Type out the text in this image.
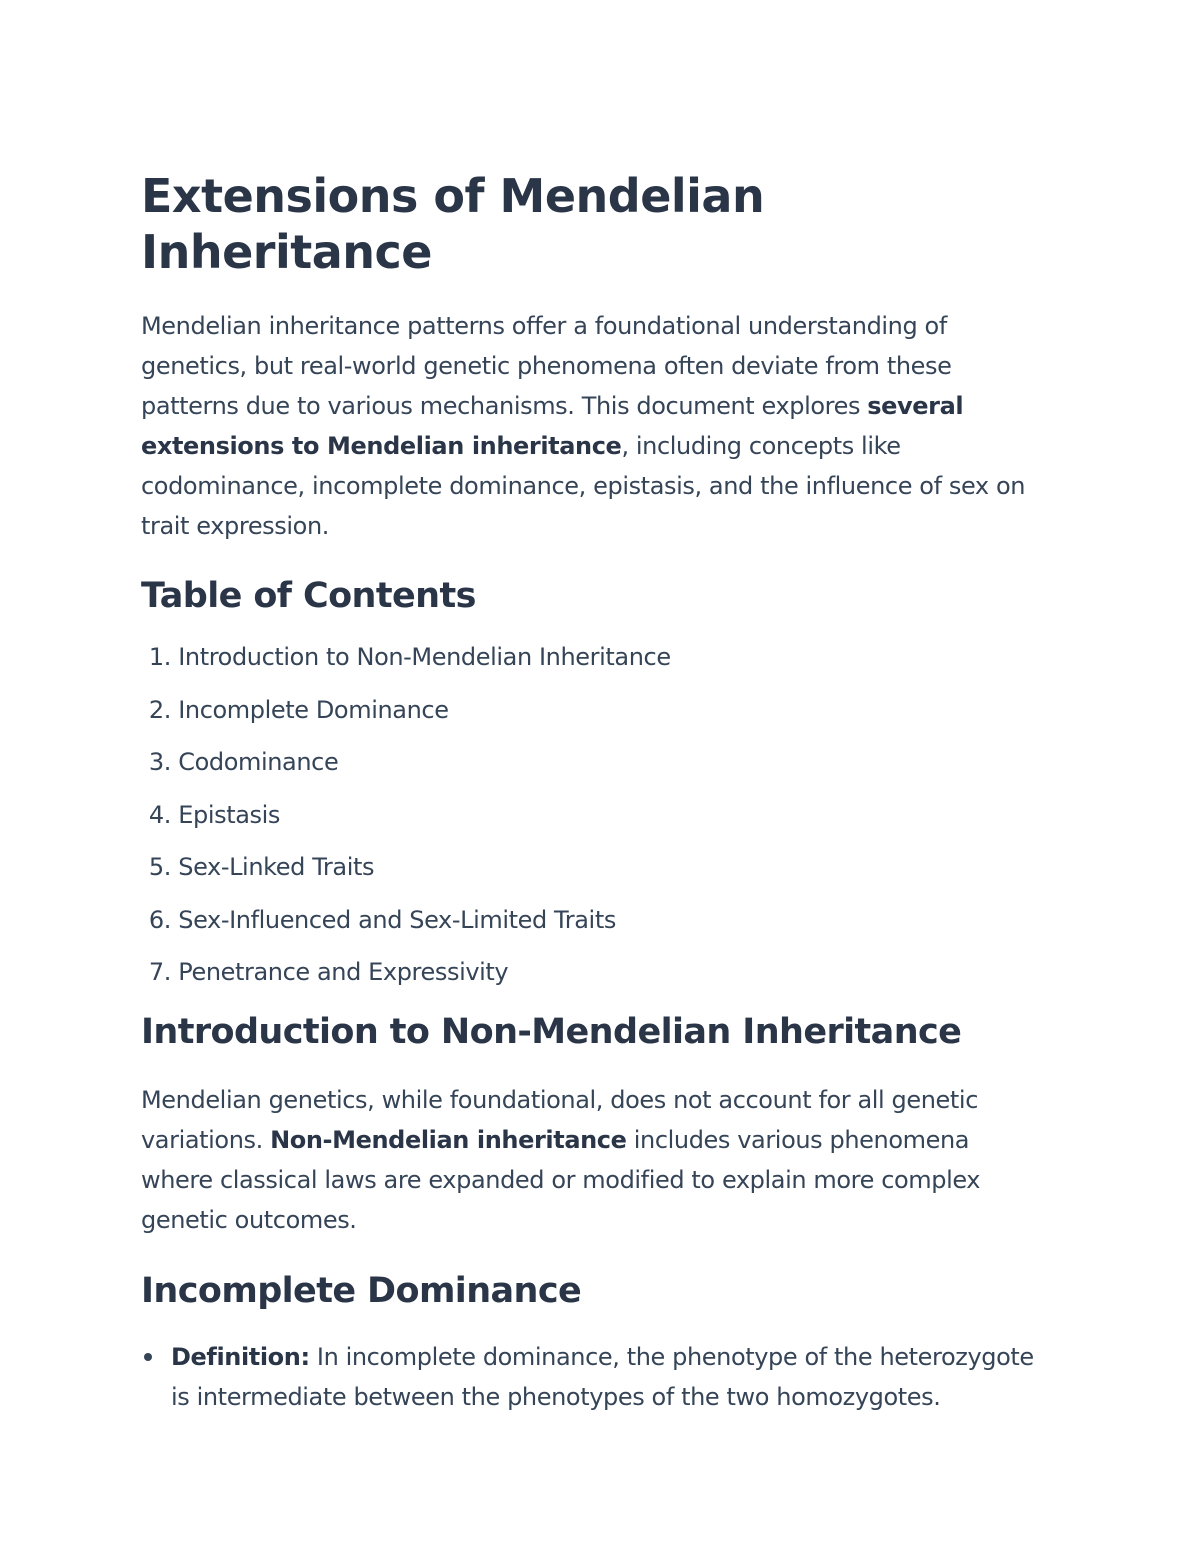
Extensions of Mendelian Inheritance

Mendelian inheritance patterns offer a foundational understanding of genetics, but real-world genetic phenomena often deviate from these patterns due to various mechanisms. This document explores several extensions to Mendelian inheritance, including concepts like codominance, incomplete dominance, epistasis, and the influence of sex on trait expression.

Table of Contents
1. Introduction to Non-Mendelian Inheritance
2. Incomplete Dominance
3. Codominance
4. Epistasis
5. Sex-Linked Traits
6. Sex-Influenced and Sex-Limited Traits
7. Penetrance and Expressivity
Introduction to Non-Mendelian Inheritance

Mendelian genetics, while foundational, does not account for all genetic variations. Non-Mendelian inheritance includes various phenomena where classical laws are expanded or modified to explain more complex genetic outcomes.

Incomplete Dominance
Definition: In incomplete dominance, the phenotype of the heterozygote is intermediate between the phenotypes of the two homozygotes.
